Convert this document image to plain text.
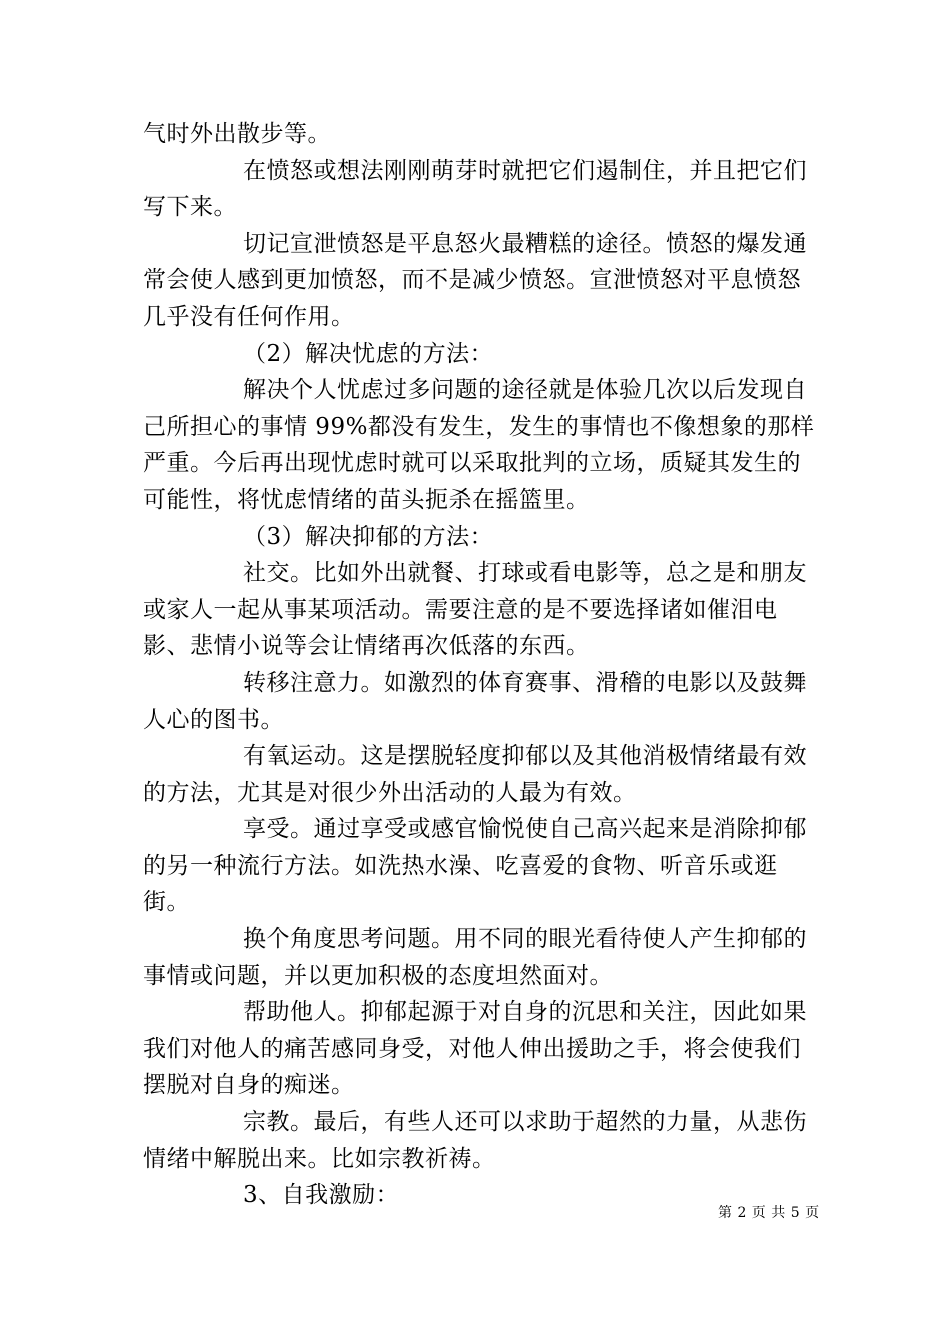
气时外出散步等。

在愤怒或想法刚刚萌芽时就把它们遏制住，并且把它们写下来。

切记宣泄愤怒是平息怒火最糟糕的途径。愤怒的爆发通常会使人感到更加愤怒，而不是减少愤怒。宣泄愤怒对平息愤怒几乎没有任何作用。

（2）解决忧虑的方法：

解决个人忧虑过多问题的途径就是体验几次以后发现自己所担心的事情 99%都没有发生，发生的事情也不像想象的那样严重。今后再出现忧虑时就可以采取批判的立场，质疑其发生的可能性，将忧虑情绪的苗头扼杀在摇篮里。

（3）解决抑郁的方法：

社交。比如外出就餐、打球或看电影等，总之是和朋友或家人一起从事某项活动。需要注意的是不要选择诸如催泪电影、悲情小说等会让情绪再次低落的东西。

转移注意力。如激烈的体育赛事、滑稽的电影以及鼓舞人心的图书。

有氧运动。这是摆脱轻度抑郁以及其他消极情绪最有效的方法，尤其是对很少外出活动的人最为有效。

享受。通过享受或感官愉悦使自己高兴起来是消除抑郁的另一种流行方法。如洗热水澡、吃喜爱的食物、听音乐或逛街。

换个角度思考问题。用不同的眼光看待使人产生抑郁的事情或问题，并以更加积极的态度坦然面对。

帮助他人。抑郁起源于对自身的沉思和关注，因此如果我们对他人的痛苦感同身受，对他人伸出援助之手，将会使我们摆脱对自身的痴迷。

宗教。最后，有些人还可以求助于超然的力量，从悲伤情绪中解脱出来。比如宗教祈祷。

3、自我激励：

第 2 页 共 5 页
